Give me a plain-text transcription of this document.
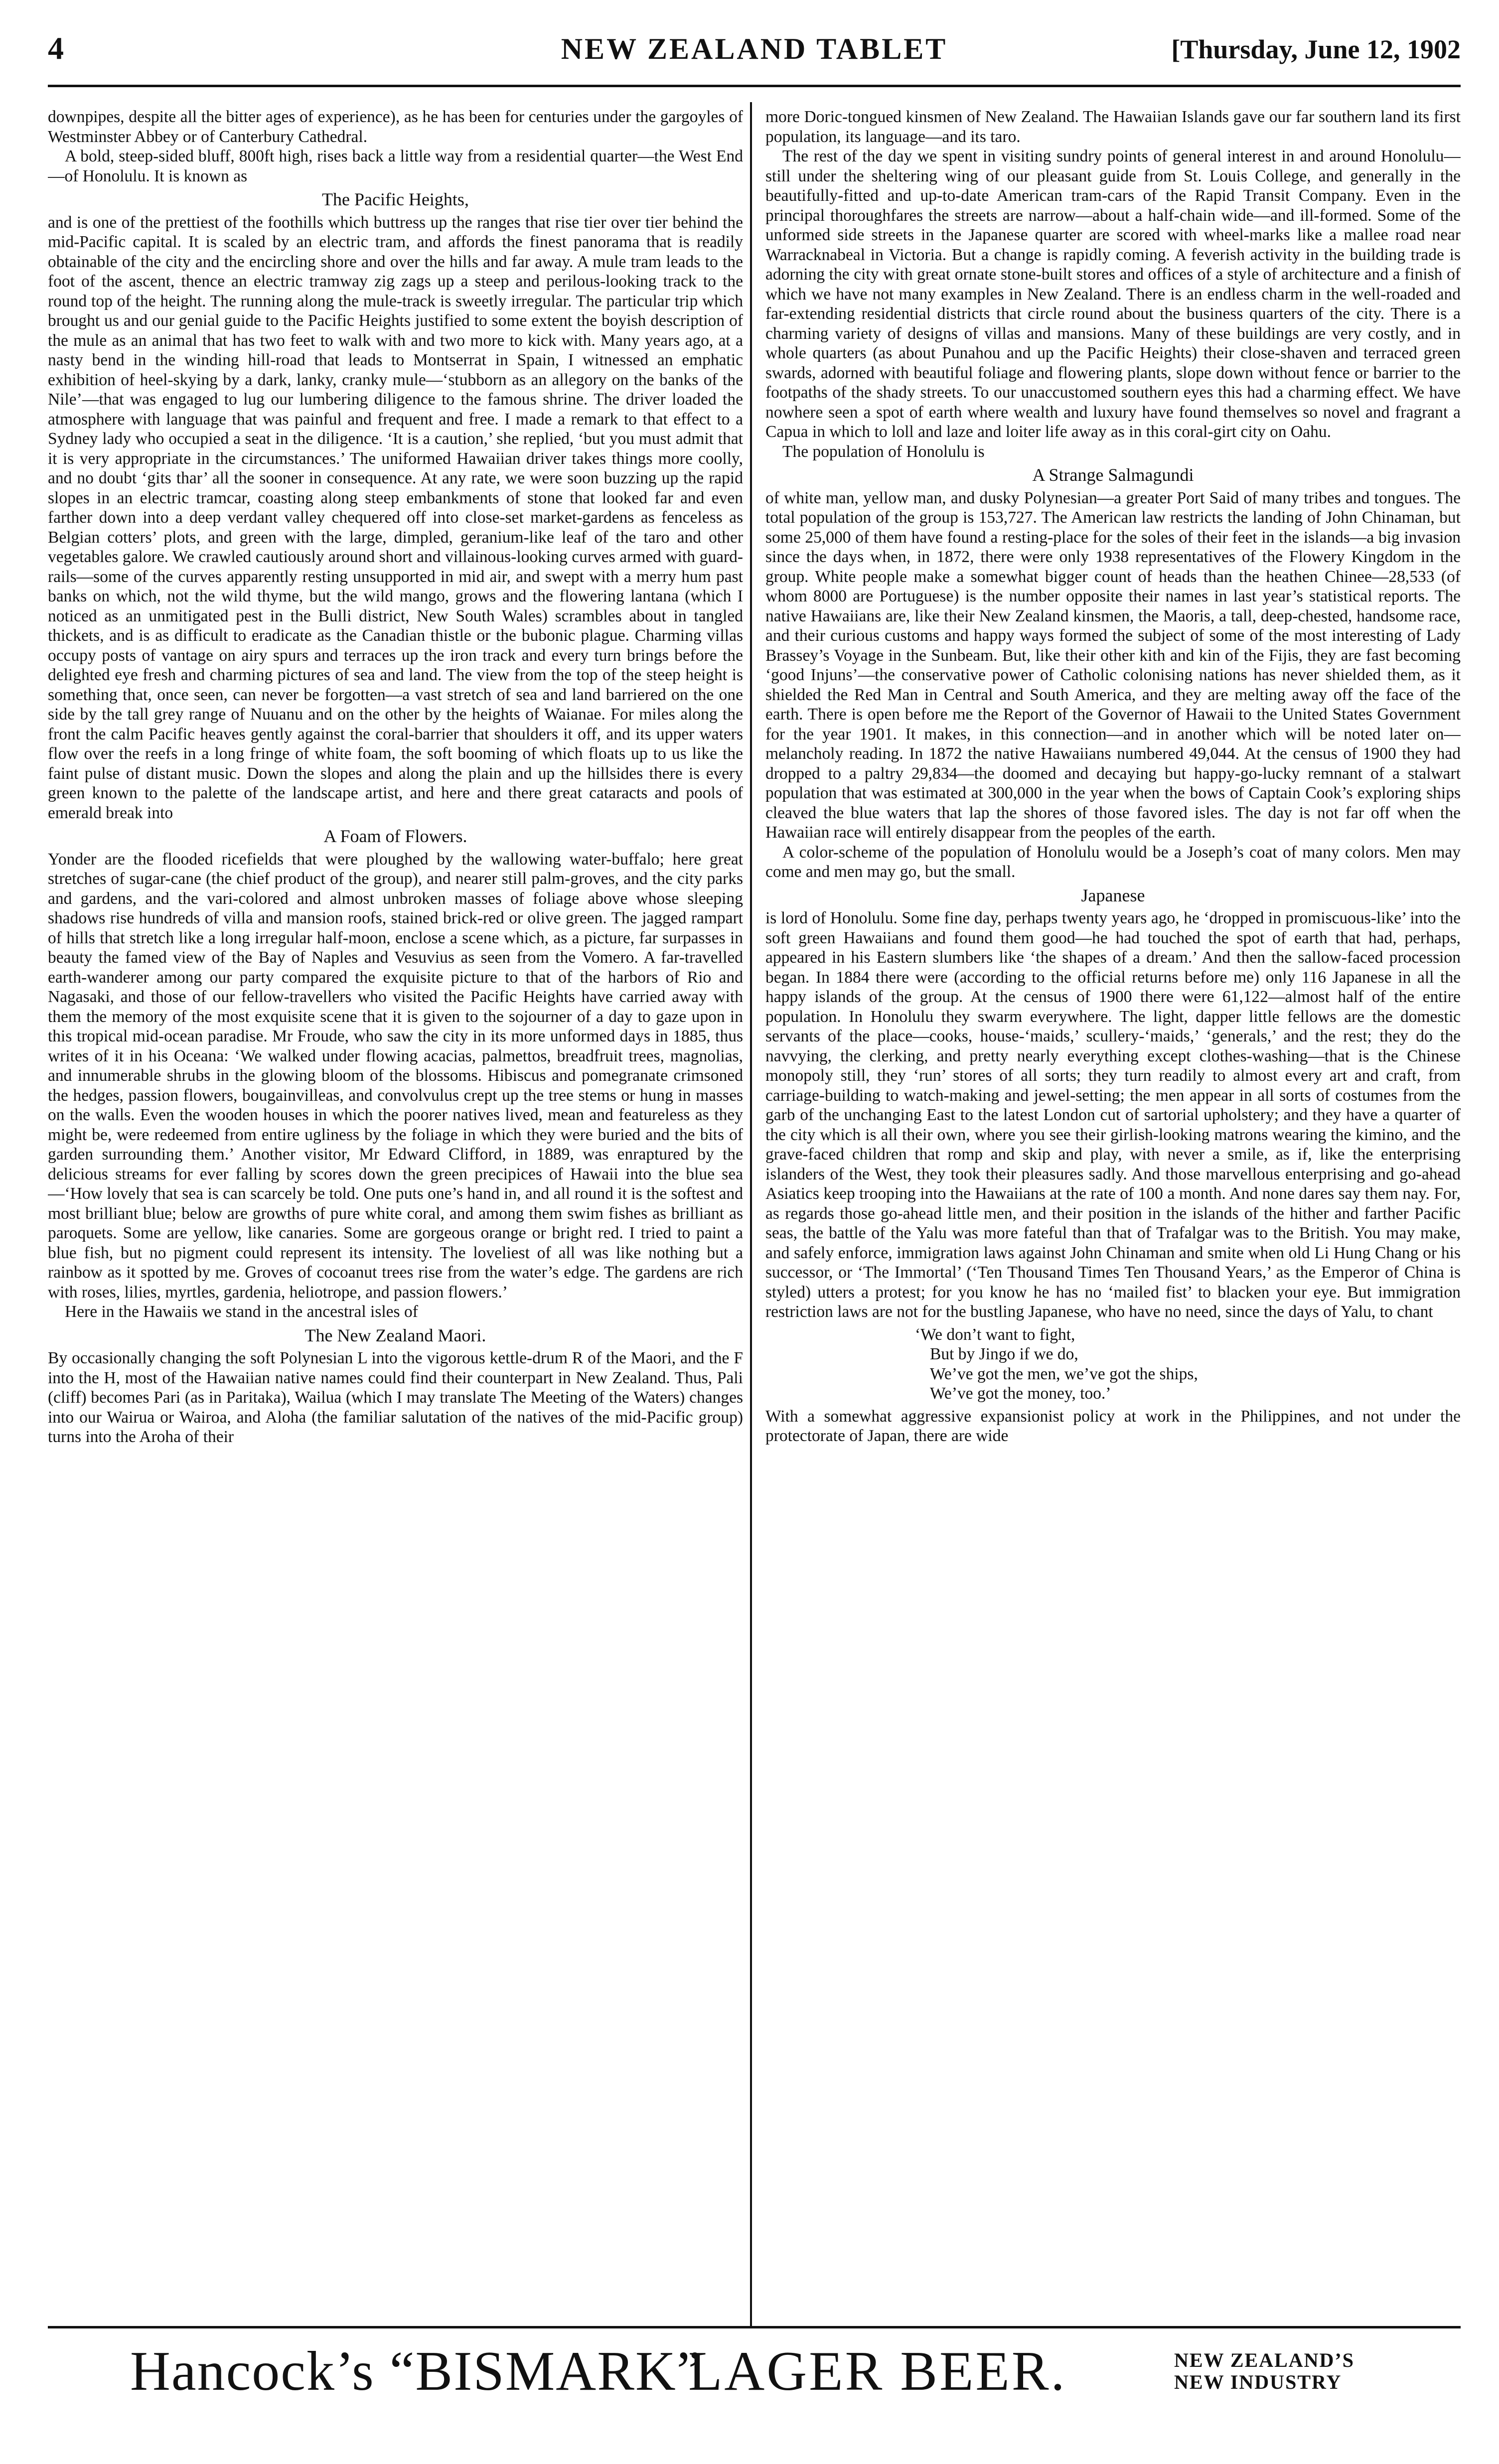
4	NEW ZEALAND TABLET	[Thursday, June 12, 1902

downpipes, despite all the bitter ages of experience), as he has been for centuries under the gargoyles of Westminster Abbey or of Canterbury Cathedral.

A bold, steep-sided bluff, 800ft high, rises back a little way from a residential quarter—the West End—of Honolulu. It is known as

The Pacific Heights,

and is one of the prettiest of the foothills which buttress up the ranges that rise tier over tier behind the mid-Pacific capital. It is scaled by an electric tram, and affords the finest panorama that is readily obtainable of the city and the encircling shore and over the hills and far away. A mule tram leads to the foot of the ascent, thence an electric tramway zig zags up a steep and perilous-looking track to the round top of the height. The running along the mule-track is sweetly irregular. The particular trip which brought us and our genial guide to the Pacific Heights justified to some extent the boyish description of the mule as an animal that has two feet to walk with and two more to kick with. Many years ago, at a nasty bend in the winding hill-road that leads to Montserrat in Spain, I witnessed an emphatic exhibition of heel-skying by a dark, lanky, cranky mule—‘stubborn as an allegory on the banks of the Nile’—that was engaged to lug our lumbering diligence to the famous shrine. The driver loaded the atmosphere with language that was painful and frequent and free. I made a remark to that effect to a Sydney lady who occupied a seat in the diligence. ‘It is a caution,’ she replied, ‘but you must admit that it is very appropriate in the circumstances.’ The uniformed Hawaiian driver takes things more coolly, and no doubt ‘gits thar’ all the sooner in consequence. At any rate, we were soon buzzing up the rapid slopes in an electric tramcar, coasting along steep embankments of stone that looked far and even farther down into a deep verdant valley chequered off into close-set market-gardens as fenceless as Belgian cotters’ plots, and green with the large, dimpled, geranium-like leaf of the taro and other vegetables galore. We crawled cautiously around short and villainous-looking curves armed with guard-rails—some of the curves apparently resting unsupported in mid air, and swept with a merry hum past banks on which, not the wild thyme, but the wild mango, grows and the flowering lantana (which I noticed as an unmitigated pest in the Bulli district, New South Wales) scrambles about in tangled thickets, and is as difficult to eradicate as the Canadian thistle or the bubonic plague. Charming villas occupy posts of vantage on airy spurs and terraces up the iron track and every turn brings before the delighted eye fresh and charming pictures of sea and land. The view from the top of the steep height is something that, once seen, can never be forgotten—a vast stretch of sea and land barriered on the one side by the tall grey range of Nuuanu and on the other by the heights of Waianae. For miles along the front the calm Pacific heaves gently against the coral-barrier that shoulders it off, and its upper waters flow over the reefs in a long fringe of white foam, the soft booming of which floats up to us like the faint pulse of distant music. Down the slopes and along the plain and up the hillsides there is every green known to the palette of the landscape artist, and here and there great cataracts and pools of emerald break into

A Foam of Flowers.

Yonder are the flooded ricefields that were ploughed by the wallowing water-buffalo; here great stretches of sugar-cane (the chief product of the group), and nearer still palm-groves, and the city parks and gardens, and the vari-colored and almost unbroken masses of foliage above whose sleeping shadows rise hundreds of villa and mansion roofs, stained brick-red or olive green. The jagged rampart of hills that stretch like a long irregular half-moon, enclose a scene which, as a picture, far surpasses in beauty the famed view of the Bay of Naples and Vesuvius as seen from the Vomero. A far-travelled earth-wanderer among our party compared the exquisite picture to that of the harbors of Rio and Nagasaki, and those of our fellow-travellers who visited the Pacific Heights have carried away with them the memory of the most exquisite scene that it is given to the sojourner of a day to gaze upon in this tropical mid-ocean paradise. Mr Froude, who saw the city in its more unformed days in 1885, thus writes of it in his Oceana: ‘We walked under flowing acacias, palmettos, breadfruit trees, magnolias, and innumerable shrubs in the glowing bloom of the blossoms. Hibiscus and pomegranate crimsoned the hedges, passion flowers, bougainvilleas, and convolvulus crept up the tree stems or hung in masses on the walls. Even the wooden houses in which the poorer natives lived, mean and featureless as they might be, were redeemed from entire ugliness by the foliage in which they were buried and the bits of garden surrounding them.’ Another visitor, Mr Edward Clifford, in 1889, was enraptured by the delicious streams for ever falling by scores down the green precipices of Hawaii into the blue sea—‘How lovely that sea is can scarcely be told. One puts one’s hand in, and all round it is the softest and most brilliant blue; below are growths of pure white coral, and among them swim fishes as brilliant as paroquets. Some are yellow, like canaries. Some are gorgeous orange or bright red. I tried to paint a blue fish, but no pigment could represent its intensity. The loveliest of all was like nothing but a rainbow as it spotted by me. Groves of cocoanut trees rise from the water’s edge. The gardens are rich with roses, lilies, myrtles, gardenia, heliotrope, and passion flowers.’

Here in the Hawaiis we stand in the ancestral isles of

The New Zealand Maori.

By occasionally changing the soft Polynesian L into the vigorous kettle-drum R of the Maori, and the F into the H, most of the Hawaiian native names could find their counterpart in New Zealand. Thus, Pali (cliff) becomes Pari (as in Paritaka), Wailua (which I may translate The Meeting of the Waters) changes into our Wairua or Wairoa, and Aloha (the familiar salutation of the natives of the mid-Pacific group) turns into the Aroha of their

more Doric-tongued kinsmen of New Zealand. The Hawaiian Islands gave our far southern land its first population, its language—and its taro.

The rest of the day we spent in visiting sundry points of general interest in and around Honolulu—still under the sheltering wing of our pleasant guide from St. Louis College, and generally in the beautifully-fitted and up-to-date American tram-cars of the Rapid Transit Company. Even in the principal thoroughfares the streets are narrow—about a half-chain wide—and ill-formed. Some of the unformed side streets in the Japanese quarter are scored with wheel-marks like a mallee road near Warracknabeal in Victoria. But a change is rapidly coming. A feverish activity in the building trade is adorning the city with great ornate stone-built stores and offices of a style of architecture and a finish of which we have not many examples in New Zealand. There is an endless charm in the well-roaded and far-extending residential districts that circle round about the business quarters of the city. There is a charming variety of designs of villas and mansions. Many of these buildings are very costly, and in whole quarters (as about Punahou and up the Pacific Heights) their close-shaven and terraced green swards, adorned with beautiful foliage and flowering plants, slope down without fence or barrier to the footpaths of the shady streets. To our unaccustomed southern eyes this had a charming effect. We have nowhere seen a spot of earth where wealth and luxury have found themselves so novel and fragrant a Capua in which to loll and laze and loiter life away as in this coral-girt city on Oahu.

The population of Honolulu is

A Strange Salmagundi

of white man, yellow man, and dusky Polynesian—a greater Port Said of many tribes and tongues. The total population of the group is 153,727. The American law restricts the landing of John Chinaman, but some 25,000 of them have found a resting-place for the soles of their feet in the islands—a big invasion since the days when, in 1872, there were only 1938 representatives of the Flowery Kingdom in the group. White people make a somewhat bigger count of heads than the heathen Chinee—28,533 (of whom 8000 are Portuguese) is the number opposite their names in last year’s statistical reports. The native Hawaiians are, like their New Zealand kinsmen, the Maoris, a tall, deep-chested, handsome race, and their curious customs and happy ways formed the subject of some of the most interesting of Lady Brassey’s Voyage in the Sunbeam. But, like their other kith and kin of the Fijis, they are fast becoming ‘good Injuns’—the conservative power of Catholic colonising nations has never shielded them, as it shielded the Red Man in Central and South America, and they are melting away off the face of the earth. There is open before me the Report of the Governor of Hawaii to the United States Government for the year 1901. It makes, in this connection—and in another which will be noted later on—melancholy reading. In 1872 the native Hawaiians numbered 49,044. At the census of 1900 they had dropped to a paltry 29,834—the doomed and decaying but happy-go-lucky remnant of a stalwart population that was estimated at 300,000 in the year when the bows of Captain Cook’s exploring ships cleaved the blue waters that lap the shores of those favored isles. The day is not far off when the Hawaiian race will entirely disappear from the peoples of the earth.

A color-scheme of the population of Honolulu would be a Joseph’s coat of many colors. Men may come and men may go, but the small.

Japanese

is lord of Honolulu. Some fine day, perhaps twenty years ago, he ‘dropped in promiscuous-like’ into the soft green Hawaiians and found them good—he had touched the spot of earth that had, perhaps, appeared in his Eastern slumbers like ‘the shapes of a dream.’ And then the sallow-faced procession began. In 1884 there were (according to the official returns before me) only 116 Japanese in all the happy islands of the group. At the census of 1900 there were 61,122—almost half of the entire population. In Honolulu they swarm everywhere. The light, dapper little fellows are the domestic servants of the place—cooks, house-‘maids,’ scullery-‘maids,’ ‘generals,’ and the rest; they do the navvying, the clerking, and pretty nearly everything except clothes-washing—that is the Chinese monopoly still, they ‘run’ stores of all sorts; they turn readily to almost every art and craft, from carriage-building to watch-making and jewel-setting; the men appear in all sorts of costumes from the garb of the unchanging East to the latest London cut of sartorial upholstery; and they have a quarter of the city which is all their own, where you see their girlish-looking matrons wearing the kimino, and the grave-faced children that romp and skip and play, with never a smile, as if, like the enterprising islanders of the West, they took their pleasures sadly. And those marvellous enterprising and go-ahead Asiatics keep trooping into the Hawaiians at the rate of 100 a month. And none dares say them nay. For, as regards those go-ahead little men, and their position in the islands of the hither and farther Pacific seas, the battle of the Yalu was more fateful than that of Trafalgar was to the British. You may make, and safely enforce, immigration laws against John Chinaman and smite when old Li Hung Chang or his successor, or ‘The Immortal’ (‘Ten Thousand Times Ten Thousand Years,’ as the Emperor of China is styled) utters a protest; for you know he has no ‘mailed fist’ to blacken your eye. But immigration restriction laws are not for the bustling Japanese, who have no need, since the days of Yalu, to chant

‘We don’t want to fight,
But by Jingo if we do,
We’ve got the men, we’ve got the ships,
We’ve got the money, too.’

With a somewhat aggressive expansionist policy at work in the Philippines, and not under the protectorate of Japan, there are wide

Hancock’s “BISMARK”
LAGER BEER.	NEW ZEALAND’S
NEW INDUSTRY
